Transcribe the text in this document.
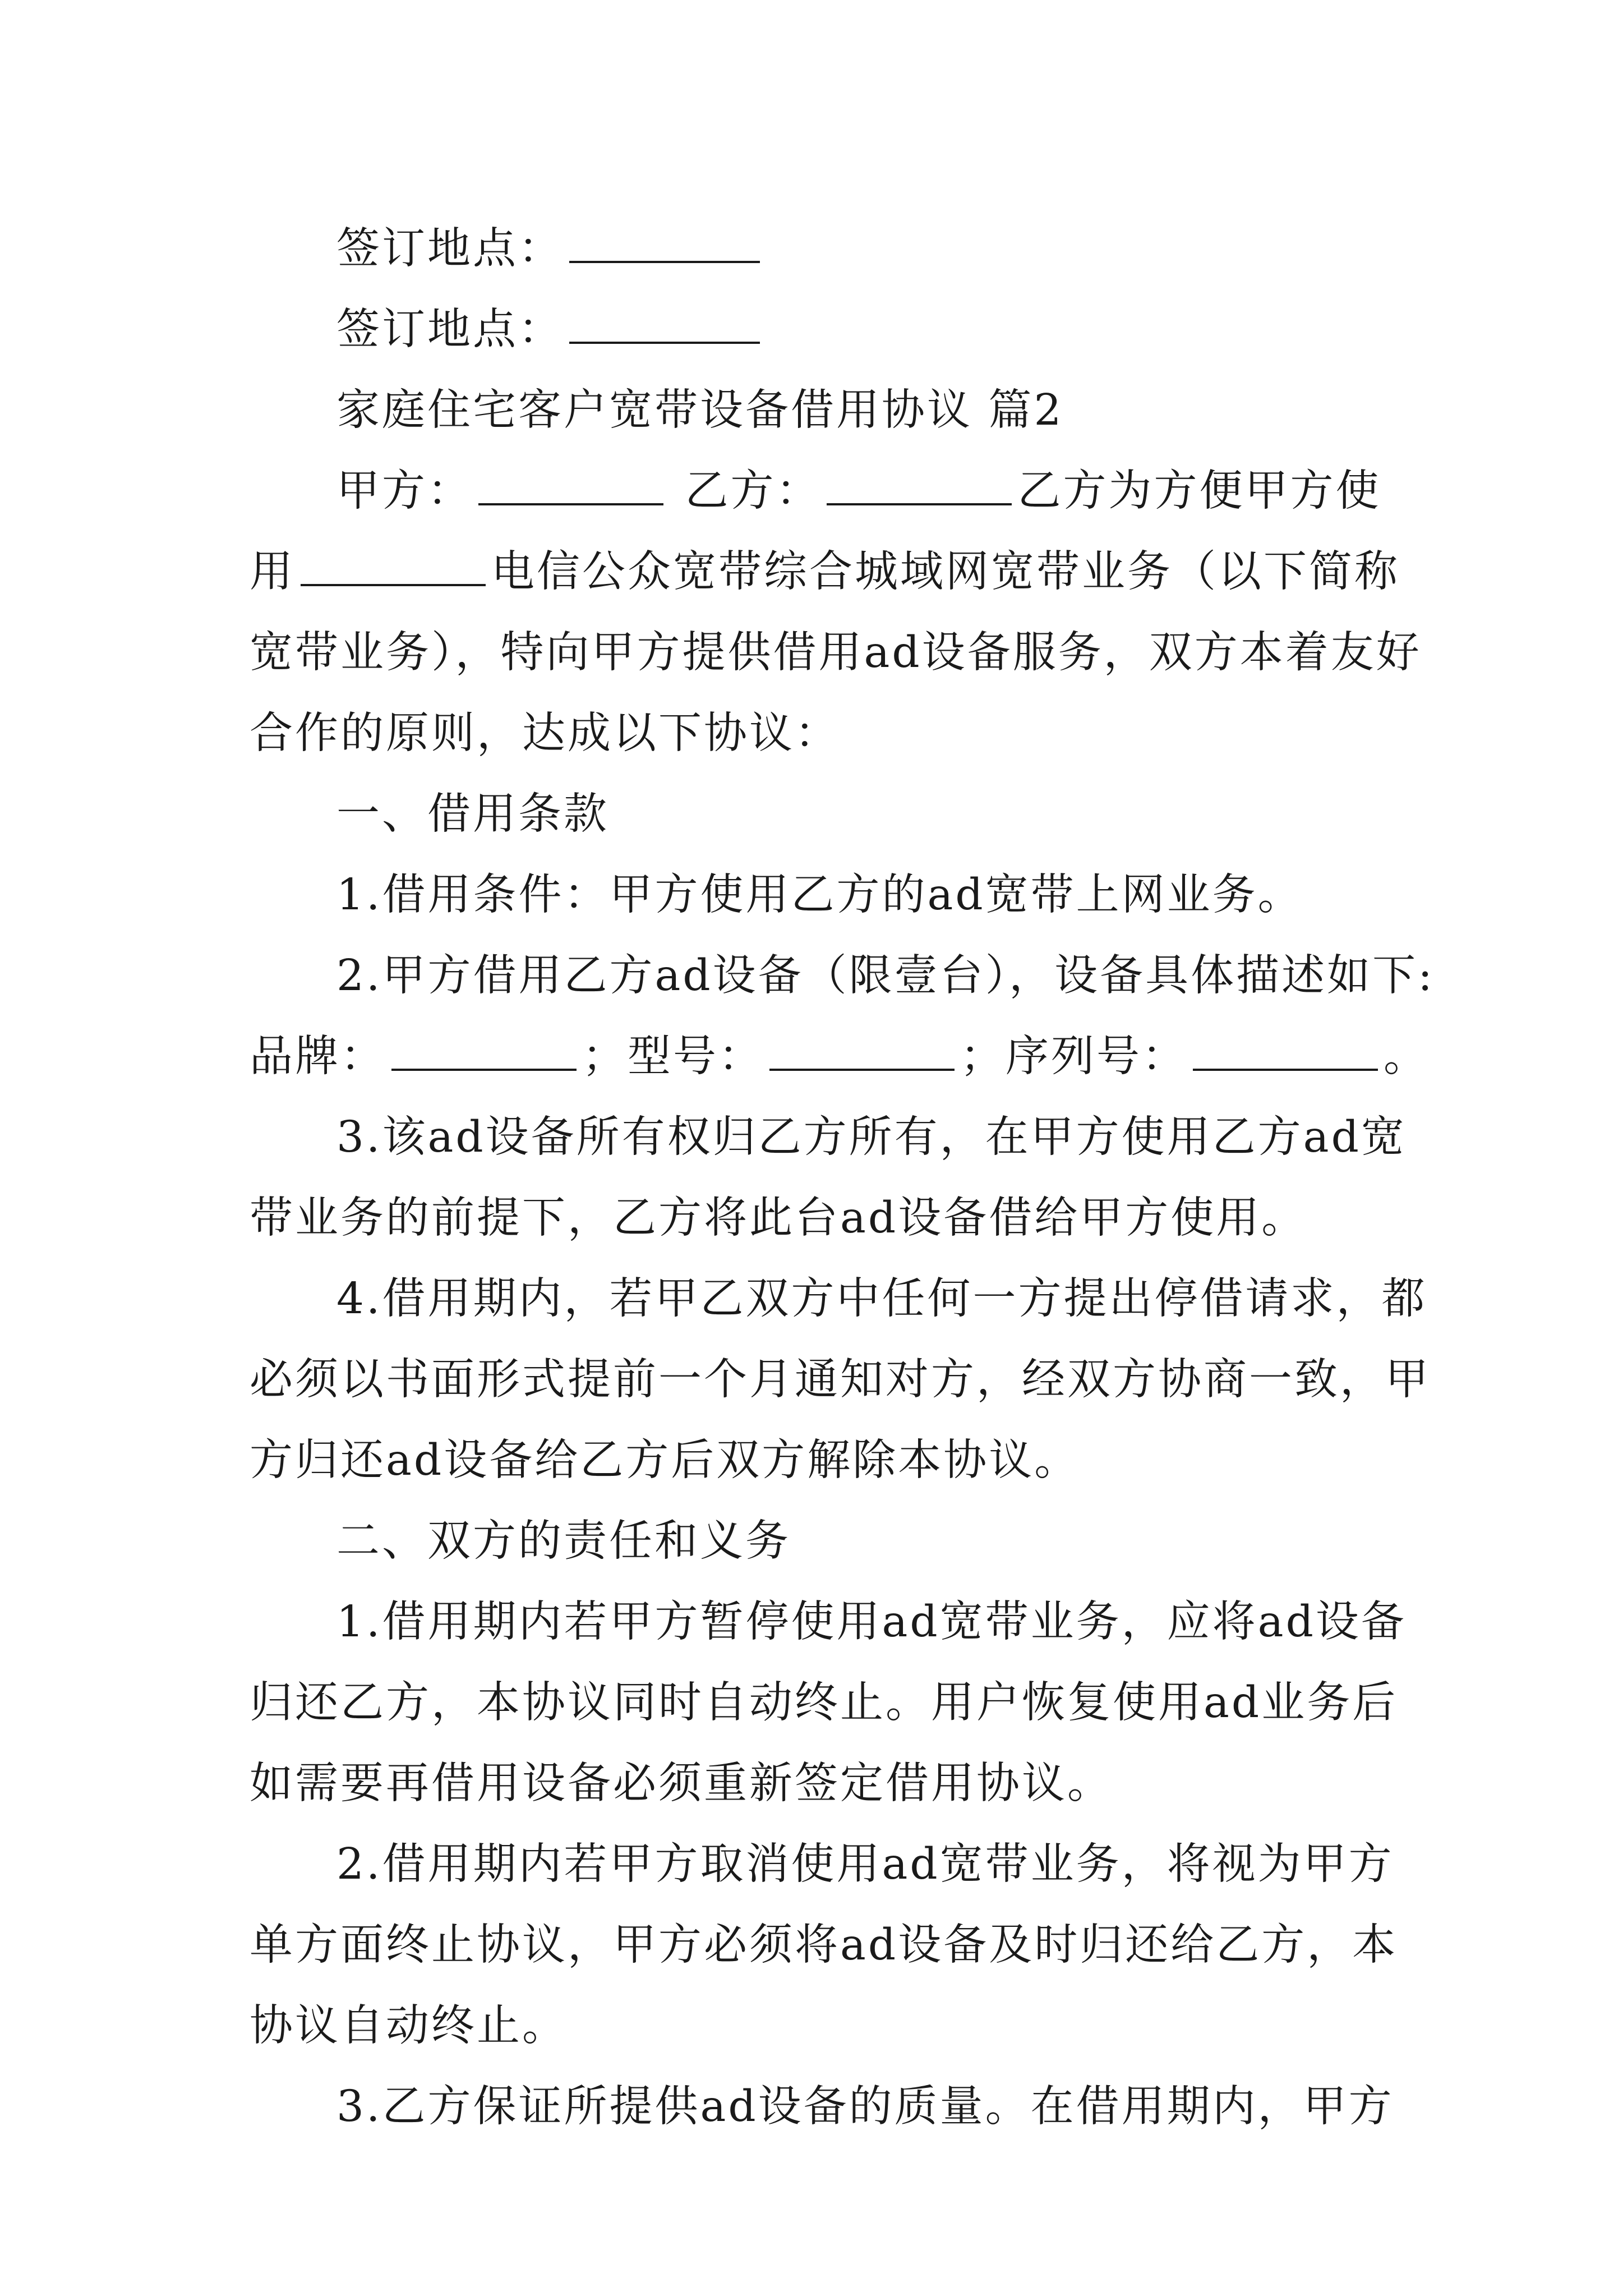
签订地点：
签订地点：
家庭住宅客户宽带设备借用协议 篇2
甲方：	乙方：	乙方为方便甲方使
用	电信公众宽带综合城域网宽带业务（以下简称
宽带业务），特向甲方提供借用ad设备服务，双方本着友好
合作的原则，达成以下协议：
一、借用条款
1.借用条件：甲方使用乙方的ad宽带上网业务。
2.甲方借用乙方ad设备（限壹台），设备具体描述如下:
品牌：	；型号：	；序列号：	。
3.该ad设备所有权归乙方所有，在甲方使用乙方ad宽
带业务的前提下，乙方将此台ad设备借给甲方使用。
4.借用期内，若甲乙双方中任何一方提出停借请求，都
必须以书面形式提前一个月通知对方，经双方协商一致，甲
方归还ad设备给乙方后双方解除本协议。
二、双方的责任和义务
1.借用期内若甲方暂停使用ad宽带业务，应将ad设备
归还乙方，本协议同时自动终止。用户恢复使用ad业务后
如需要再借用设备必须重新签定借用协议。
2.借用期内若甲方取消使用ad宽带业务，将视为甲方
单方面终止协议，甲方必须将ad设备及时归还给乙方，本
协议自动终止。
3.乙方保证所提供ad设备的质量。在借用期内，甲方
